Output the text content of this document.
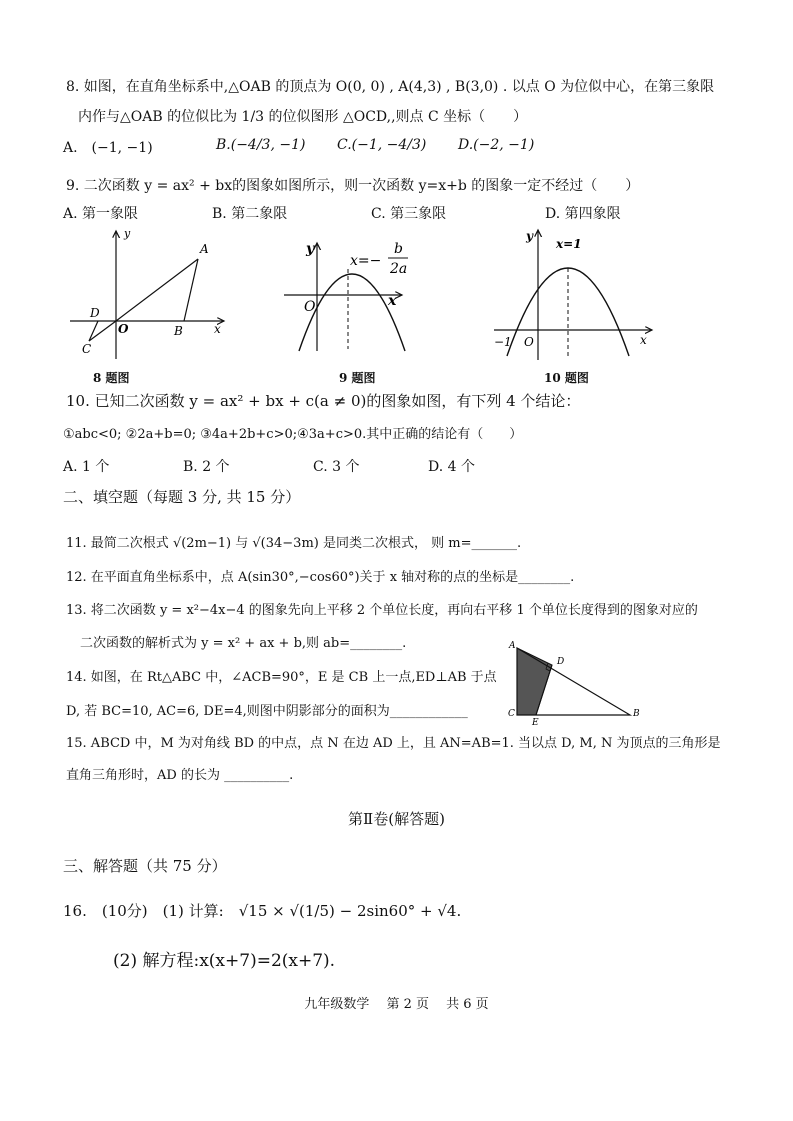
8. 如图，在直角坐标系中,△OAB 的顶点为 O(0, 0) , A(4,3) , B(3,0) . 以点 O 为位似中心，在第三象限
内作与△OAB 的位似比为 1/3 的位似图形 △OCD,,则点 C 坐标（　　）
A.　(−1, −1)	B.(−4/3, −1) C.(−1, −4/3) D.(−2, −1)
9. 二次函数 y = ax² + bx的图象如图所示，则一次函数 y=x+b 的图象一定不经过（　　）
A. 第一象限	B. 第二象限	C. 第三象限	D. 第四象限
y
A
D
O	B	x
C
8 题图
y
x=−
b
2a
O	x
9 题图
y
x=1
−1 O	x
10 题图
10. 已知二次函数 y = ax² + bx + c(a ≠ 0)的图象如图，有下列 4 个结论：
①abc<0; ②2a+b=0; ③4a+2b+c>0;④3a+c>0.其中正确的结论有（　　）
A. 1 个	B. 2 个	C. 3 个	D. 4 个
二、填空题（每题 3 分, 共 15 分）
11. 最简二次根式 √(2m−1) 与 √(34−3m) 是同类二次根式， 则 m=_______.
12. 在平面直角坐标系中，点 A(sin30°,−cos60°)关于 x 轴对称的点的坐标是________.
13. 将二次函数 y = x²−4x−4 的图象先向上平移 2 个单位长度，再向右平移 1 个单位长度得到的图象对应的
二次函数的解析式为 y = x² + ax + b,则 ab=________.
14. 如图，在 Rt△ABC 中，∠ACB=90°，E 是 CB 上一点,ED⊥AB 于点
D, 若 BC=10, AC=6, DE=4,则图中阴影部分的面积为____________
A
D
C
E
B
15. ABCD 中，M 为对角线 BD 的中点，点 N 在边 AD 上，且 AN=AB=1. 当以点 D, M, N 为顶点的三角形是
直角三角形时，AD 的长为 __________.
第Ⅱ卷(解答题)
三、解答题（共 75 分）
16.　(10分)　(1) 计算:　√15 × √(1/5) − 2sin60° + √4.
(2) 解方程:x(x+7)=2(x+7).
九年级数学　 第 2 页　 共 6 页
